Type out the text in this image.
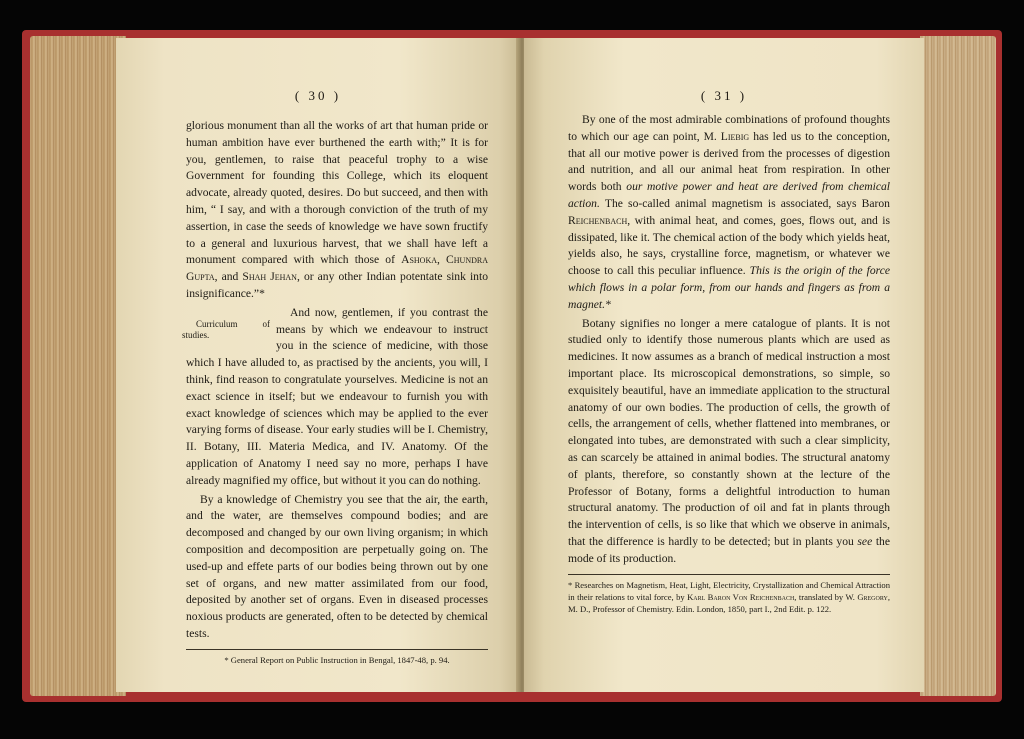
( 30 )

glorious monument than all the works of art that human pride or human ambition have ever burthened the earth with;” It is for you, gentlemen, to raise that peaceful trophy to a wise Government for founding this College, which its eloquent advocate, already quoted, desires. Do but succeed, and then with him, “ I say, and with a thorough conviction of the truth of my assertion, in case the seeds of knowledge we have sown fructify to a general and luxurious harvest, that we shall have left a monument compared with which those of Ashoka, Chundra Gupta, and Shah Jehan, or any other Indian potentate sink into insignificance.”*

Curriculum of studies.
And now, gentlemen, if you contrast the means by which we endeavour to instruct you in the science of medicine, with those which I have alluded to, as practised by the ancients, you will, I think, find reason to congratulate yourselves. Medicine is not an exact science in itself; but we endeavour to furnish you with exact knowledge of sciences which may be applied to the ever varying forms of disease. Your early studies will be I. Chemistry, II. Botany, III. Materia Medica, and IV. Anatomy. Of the application of Anatomy I need say no more, perhaps I have already magnified my office, but without it you can do nothing.

By a knowledge of Chemistry you see that the air, the earth, and the water, are themselves compound bodies; and are decomposed and changed by our own living organism; in which composition and decomposition are perpetually going on. The used-up and effete parts of our bodies being thrown out by one set of organs, and new matter assimilated from our food, deposited by another set of organs. Even in diseased processes noxious products are generated, often to be detected by chemical tests.

* General Report on Public Instruction in Bengal, 1847-48, p. 94.
( 31 )

By one of the most admirable combinations of profound thoughts to which our age can point, M. Liebig has led us to the conception, that all our motive power is derived from the processes of digestion and nutrition, and all our animal heat from respiration. In other words both our motive power and heat are derived from chemical action. The so-called animal magnetism is associated, says Baron Reichenbach, with animal heat, and comes, goes, flows out, and is dissipated, like it. The chemical action of the body which yields heat, yields also, he says, crystalline force, magnetism, or whatever we choose to call this peculiar influence. This is the origin of the force which flows in a polar form, from our hands and fingers as from a magnet.*

Botany signifies no longer a mere catalogue of plants. It is not studied only to identify those numerous plants which are used as medicines. It now assumes as a branch of medical instruction a most important place. Its microscopical demonstrations, so simple, so exquisitely beautiful, have an immediate application to the structural anatomy of our own bodies. The production of cells, the growth of cells, the arrangement of cells, whether flattened into membranes, or elongated into tubes, are demonstrated with such a clear simplicity, as can scarcely be attained in animal bodies. The structural anatomy of plants, therefore, so constantly shown at the lecture of the Professor of Botany, forms a delightful introduction to human structural anatomy. The production of oil and fat in plants through the intervention of cells, is so like that which we observe in animals, that the difference is hardly to be detected; but in plants you see the mode of its production.

* Researches on Magnetism, Heat, Light, Electricity, Crystallization and Chemical Attraction in their relations to vital force, by Karl Baron Von Reichenbach, translated by W. Gregory, M. D., Professor of Chemistry. Edin. London, 1850, part I., 2nd Edit. p. 122.
